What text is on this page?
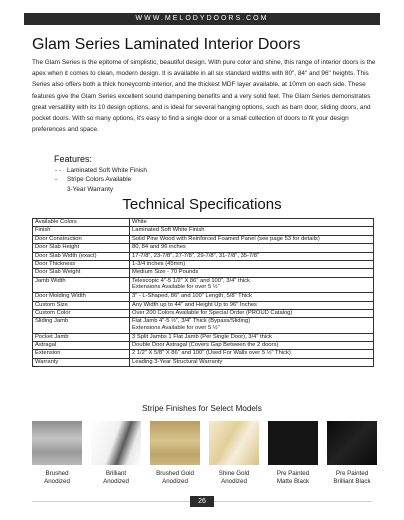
WWW.MELODYDOORS.COM
Glam Series Laminated Interior Doors

The Glam Series is the epitome of simplistic, beautiful design. With pure color and shine, this range of interior doors is the apex when it comes to clean, modern design. It is available in all six standard widths with 80", 84" and 96" heights. This Series also offers both a thick honeycomb interior, and the thickest MDF layer available, at 10mm on each side. These features give the Glam Series excellent sound dampening benefits and a very solid feel. The Glam Series demonstrates great versatility with its 10 design options, and is ideal for several hanging options, such as barn door, sliding doors, and pocket doors. With so many options, it's easy to find a single door or a small collection of doors to fit your design preferences and space.

Features:
- - Laminated Soft White Finish
- Stripe Colors Available
3-Year Warranty
Technical Specifications
Available Colors	White
Finish	Laminated Soft White Finish
Door Construction	Solid Pine Wood with Reinforced Foamed Panel (see page 53 for details)
Door Slab Height	80, 84 and 96 inches
Door Slab Width (exact)	17-7/8", 23-7/8", 27-7/8", 29-7/8", 31-7/8", 35-7/8"
Door Thickness	1-3/4 inches (45mm)
Door Slab Weight	Medium Size - 70 Pounds
Jamb Width	Telescopic 4"-5 1/2" X 86" and 100", 3/4" thick
Extensions Available for over 5 ½"

Door Molding Width	3" - L-Shaped, 86" and 100" Length, 5/8" Thick
Custom Size	Any Width up to 44" and Height Up to 96" Inches
Custom Color	Over 200 Colors Available for Special Order (PROUD Catalog)
Sliding Jamb	Flat Jamb 4"-5 ½", 3/4" Thick (Bypass/Sliding)
Extensions Available for over 5 ½"

Pocket Jamb	3 Split Jambs 1 Flat Jamb (Per Single Door), 3/4" thick
Astragal	Double Door Astragal (Covers Gap Between the 2 doors)
Extension	2 1/2" X 5/8" X 86" and 100" (Used For Walls over 5 ½" Thick)
Warranty	Leading 3-Year Structural Warranty
Stripe Finishes for Select Models
Brushed
Anodized
Brilliant
Anodized
Brushed Gold
Anodized
Shine Gold
Anodized
Pre Painted
Matte Black
Pre Painted
Brilliant Black
26
